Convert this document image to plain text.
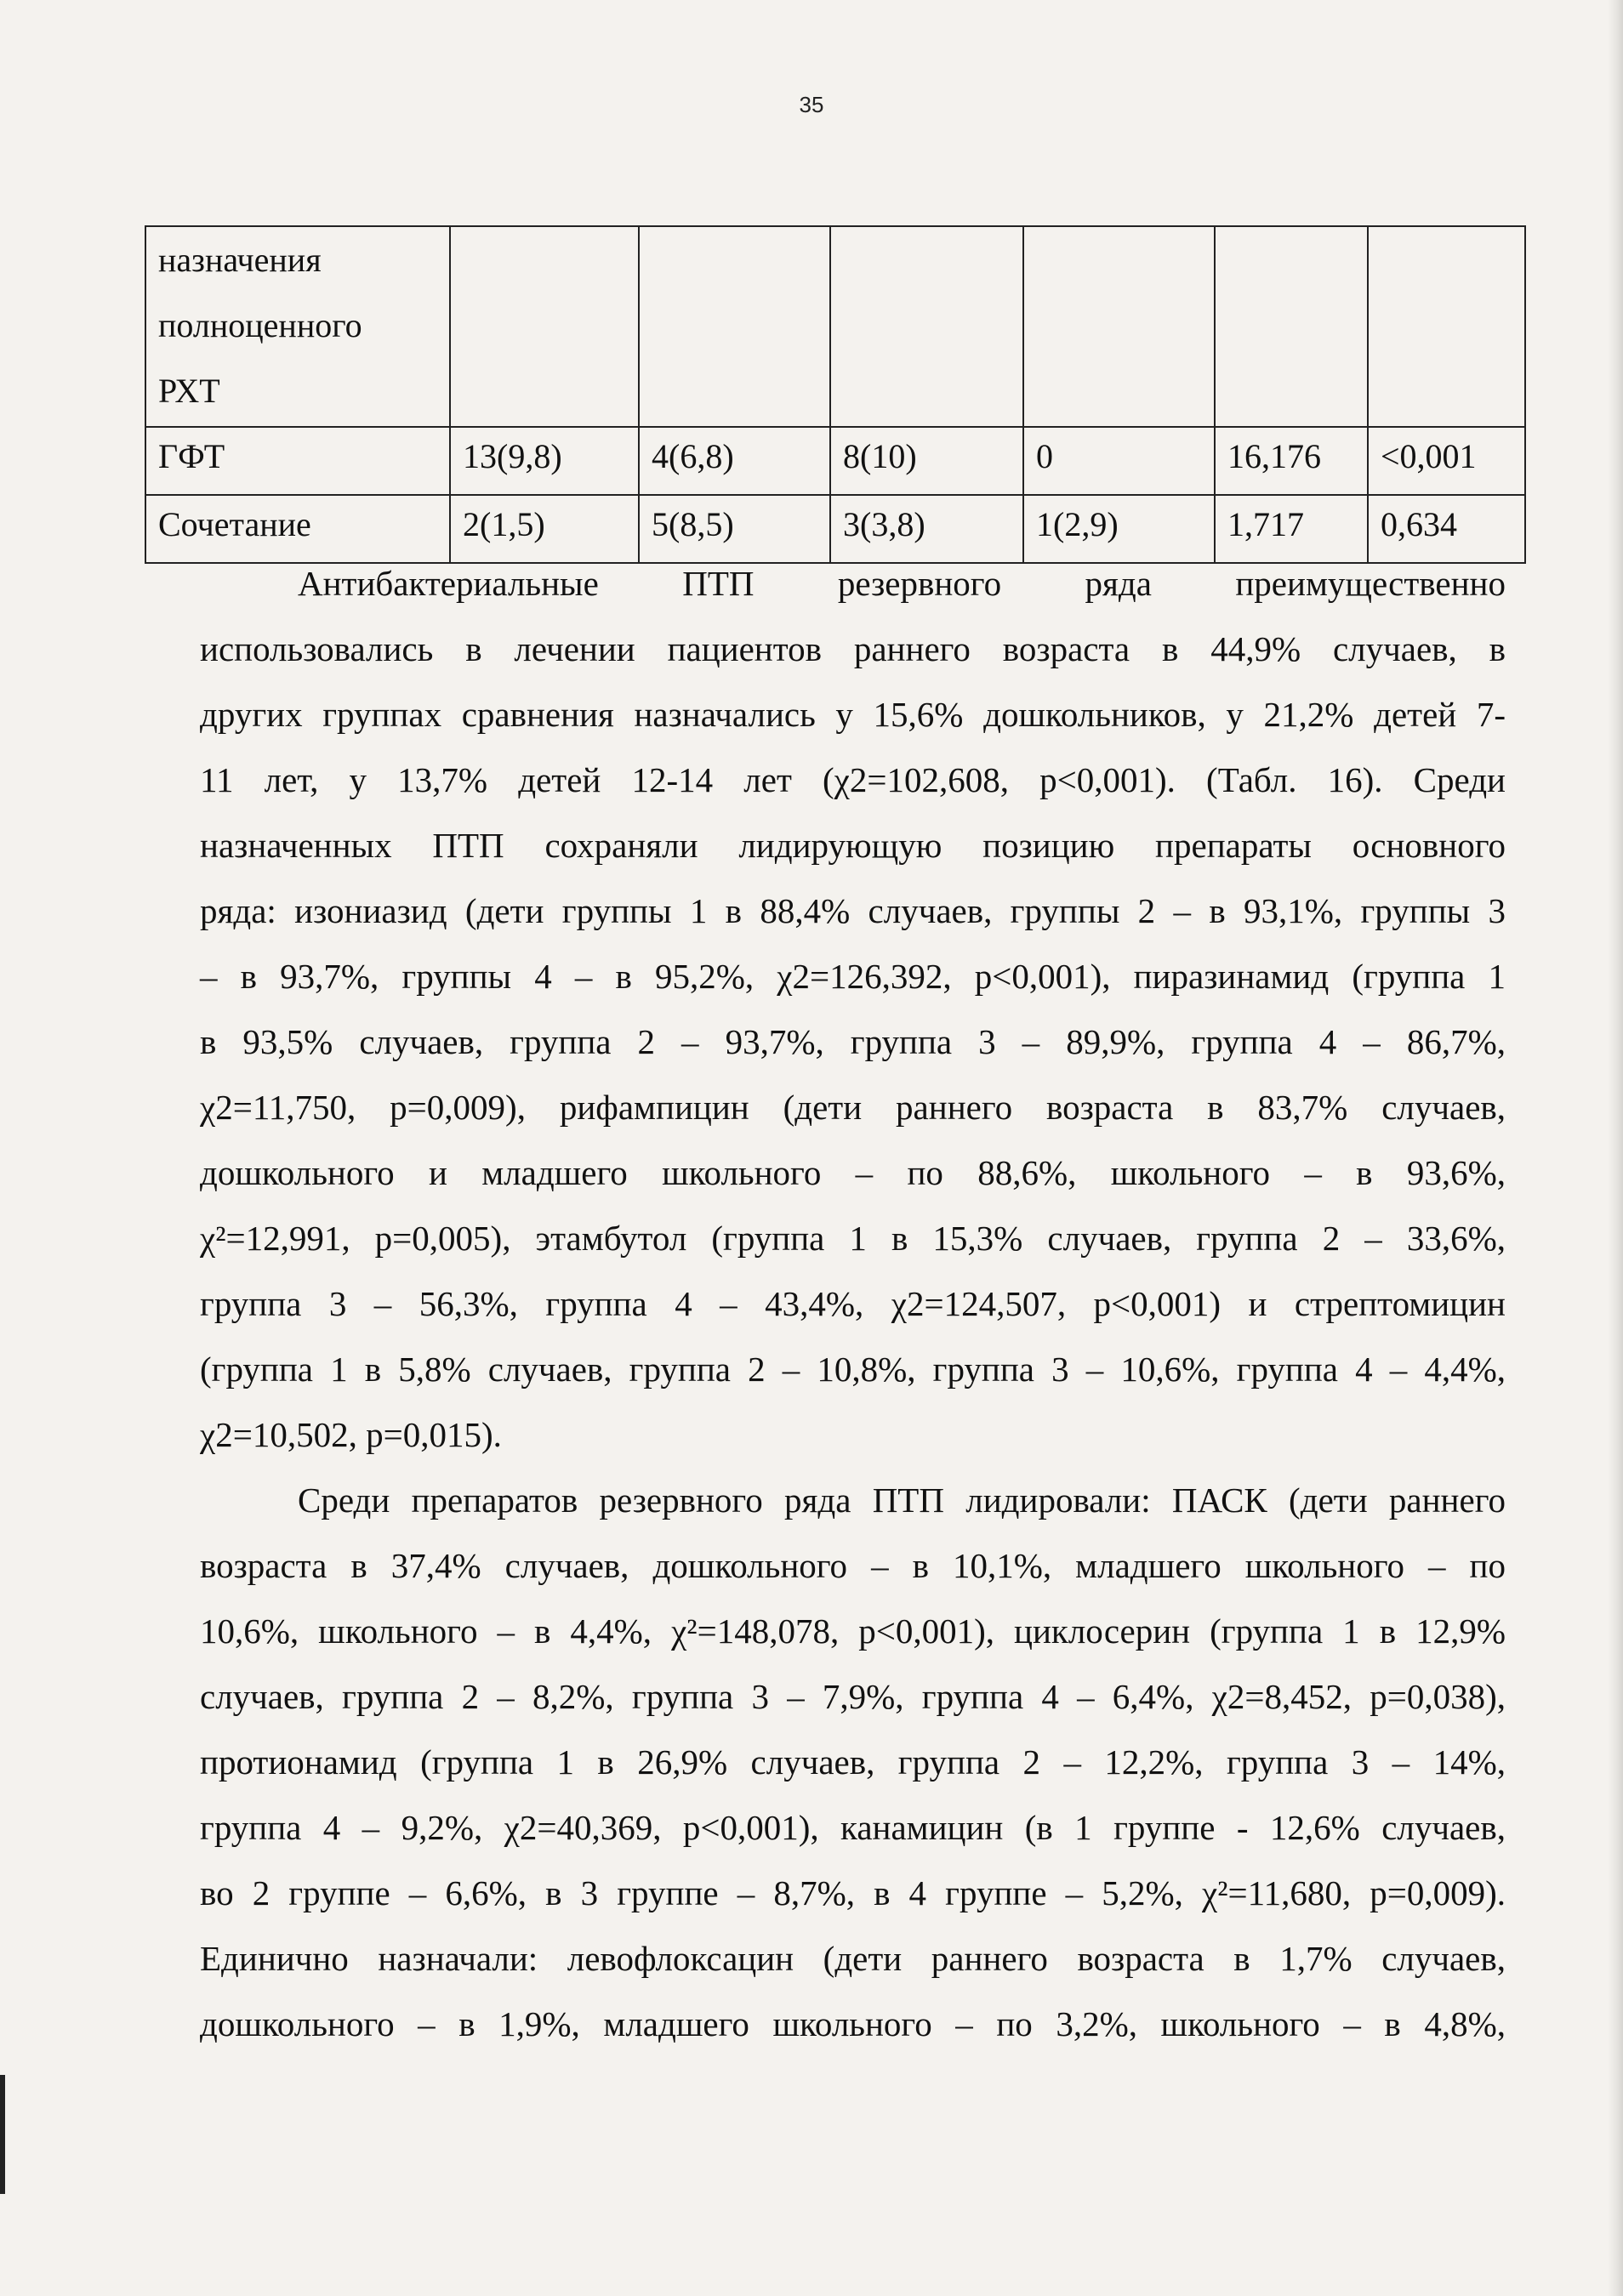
35
назначения
полноценного
РХТ						

ГФТ	13(9,8)	4(6,8)	8(10)	0	16,176	<0,001
Сочетание	2(1,5)	5(8,5)	3(3,8)	1(2,9)	1,717	0,634

Антибактериальные ПТП резервного ряда преимущественно
использовались в лечении пациентов раннего возраста в 44,9% случаев, в
других группах сравнения назначались у 15,6% дошкольников, у 21,2% детей 7-
11 лет, у 13,7% детей 12-14 лет (χ2=102,608, p<0,001). (Табл. 16). Среди
назначенных ПТП сохраняли лидирующую позицию препараты основного
ряда: изониазид (дети группы 1 в 88,4% случаев, группы 2 – в 93,1%, группы 3
– в 93,7%, группы 4 – в 95,2%, χ2=126,392, p<0,001), пиразинамид (группа 1
в 93,5% случаев, группа 2 – 93,7%, группа 3 – 89,9%, группа 4 – 86,7%,
χ2=11,750, p=0,009), рифампицин (дети раннего возраста в 83,7% случаев,
дошкольного и младшего школьного – по 88,6%, школьного – в 93,6%,
χ²=12,991, p=0,005), этамбутол (группа 1 в 15,3% случаев, группа 2 – 33,6%,
группа 3 – 56,3%, группа 4 – 43,4%, χ2=124,507, p<0,001) и стрептомицин
(группа 1 в 5,8% случаев, группа 2 – 10,8%, группа 3 – 10,6%, группа 4 – 4,4%,
χ2=10,502, p=0,015).

Среди препаратов резервного ряда ПТП лидировали: ПАСК (дети раннего
возраста в 37,4% случаев, дошкольного – в 10,1%, младшего школьного – по
10,6%, школьного – в 4,4%, χ²=148,078, p<0,001), циклосерин (группа 1 в 12,9%
случаев, группа 2 – 8,2%, группа 3 – 7,9%, группа 4 – 6,4%, χ2=8,452, p=0,038),
протионамид (группа 1 в 26,9% случаев, группа 2 – 12,2%, группа 3 – 14%,
группа 4 – 9,2%, χ2=40,369, p<0,001), канамицин (в 1 группе - 12,6% случаев,
во 2 группе – 6,6%, в 3 группе – 8,7%, в 4 группе – 5,2%, χ²=11,680, p=0,009).
Единично назначали: левофлоксацин (дети раннего возраста в 1,7% случаев,
дошкольного – в 1,9%, младшего школьного – по 3,2%, школьного – в 4,8%,
